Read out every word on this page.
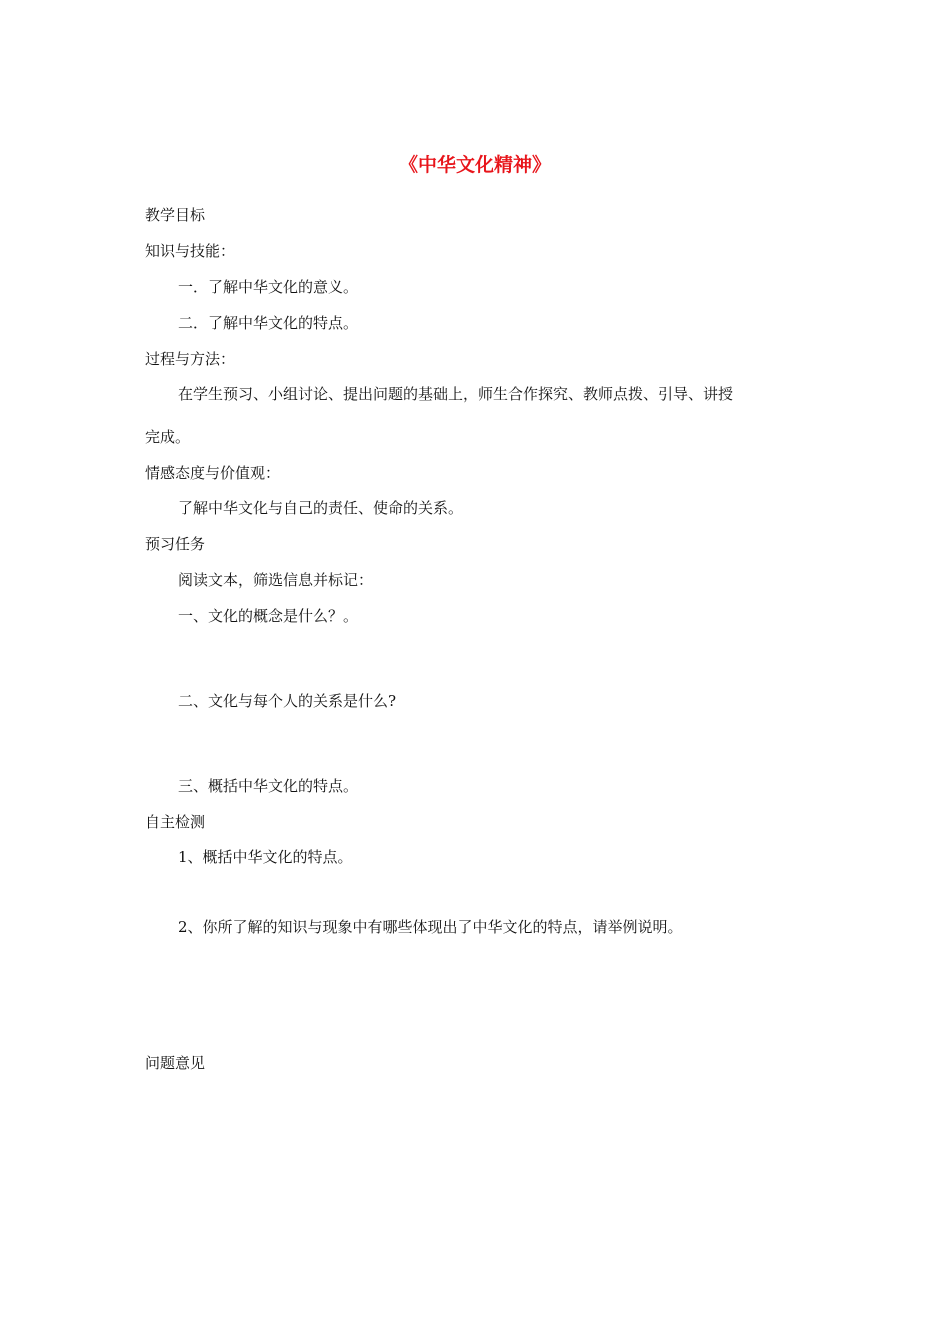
《中华文化精神》
教学目标
知识与技能：
一．了解中华文化的意义。
二．了解中华文化的特点。
过程与方法：
在学生预习、小组讨论、提出问题的基础上，师生合作探究、教师点拨、引导、讲授
完成。
情感态度与价值观：
了解中华文化与自己的责任、使命的关系。
预习任务
阅读文本，筛选信息并标记：
一、文化的概念是什么？。
二、文化与每个人的关系是什么?
三、概括中华文化的特点。
自主检测
1、概括中华文化的特点。
2、你所了解的知识与现象中有哪些体现出了中华文化的特点，请举例说明。
问题意见
